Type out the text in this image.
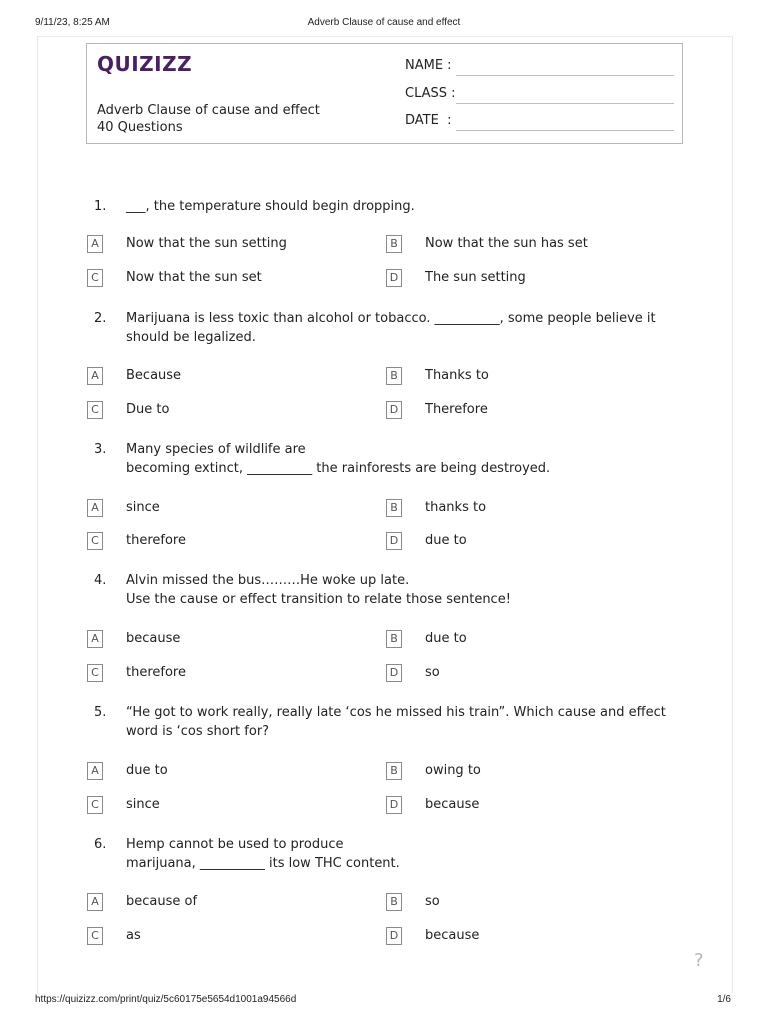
9/11/23, 8:25 AM	Adverb Clause of cause and effect
QUIZIZZ
Adverb Clause of cause and effect
40 Questions
NAME :
CLASS :
DATE  :
1. ___, the temperature should begin dropping.
A	Now that the sun setting	B	Now that the sun has set
C	Now that the sun set	D The sun setting
2. Marijuana is less toxic than alcohol or tobacco. __________, some people believe it should be legalized.
A	Because	B	Thanks to
C	Due to	D Therefore
3. Many species of wildlife are
becoming extinct, __________ the rainforests are being destroyed.
A	since	B	thanks to
C	therefore	D due to
4. Alvin missed the bus………He woke up late.
Use the cause or effect transition to relate those sentence!
A	because	B	due to
C	therefore	D so
5. “He got to work really, really late ‘cos he missed his train”. Which cause and effect word is ‘cos short for?
A	due to	B	owing to
C	since	D because
6. Hemp cannot be used to produce
marijuana, __________ its low THC content.
A	because of	B	so
C	as	D because
?
https://quizizz.com/print/quiz/5c60175e5654d1001a94566d	1/6
